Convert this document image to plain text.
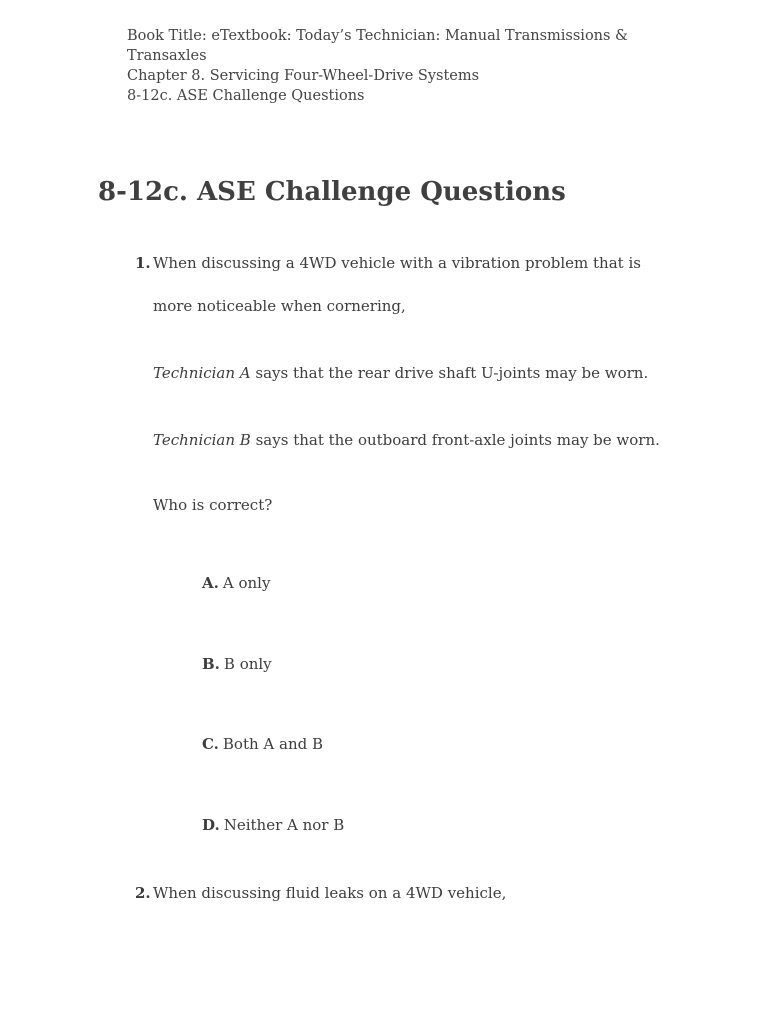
Book Title: eTextbook: Today’s Technician: Manual Transmissions &
Transaxles
Chapter 8. Servicing Four-Wheel-Drive Systems
8-12c. ASE Challenge Questions
8-12c. ASE Challenge Questions
1. When discussing a 4WD vehicle with a vibration problem that is
more noticeable when cornering,
Technician A says that the rear drive shaft U-joints may be worn.
Technician B says that the outboard front-axle joints may be worn.
Who is correct?
A. A only
B. B only
C. Both A and B
D. Neither A nor B
2. When discussing fluid leaks on a 4WD vehicle,
